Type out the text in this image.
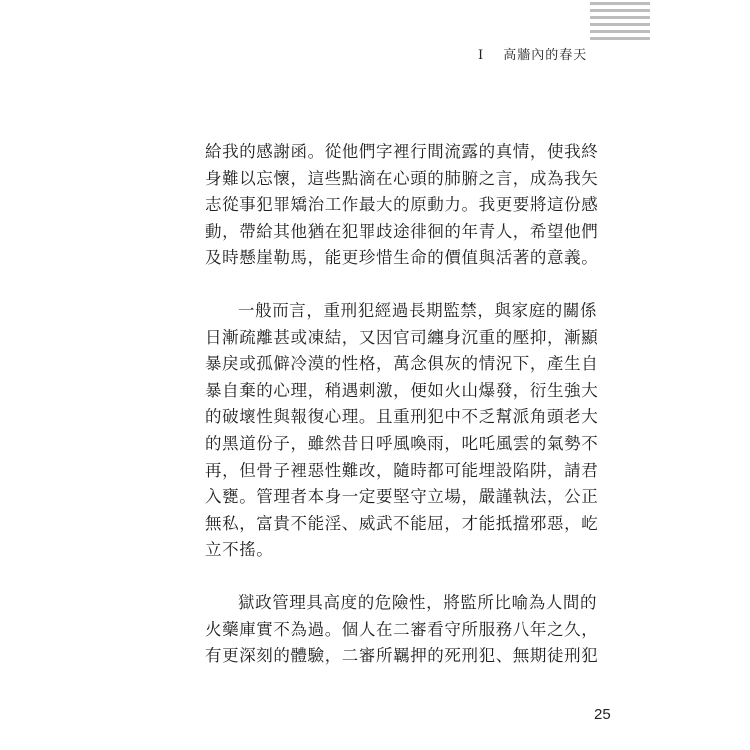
I 高牆內的春天

給我的感謝函。從他們字裡行間流露的真情，使我終

身難以忘懷，這些點滴在心頭的肺腑之言，成為我矢

志從事犯罪矯治工作最大的原動力。我更要將這份感

動，帶給其他猶在犯罪歧途徘徊的年青人，希望他們

及時懸崖勒馬，能更珍惜生命的價值與活著的意義。

一般而言，重刑犯經過長期監禁，與家庭的關係

日漸疏離甚或凍結，又因官司纏身沉重的壓抑，漸顯

暴戾或孤僻冷漠的性格，萬念俱灰的情況下，產生自

暴自棄的心理，稍遇刺激，便如火山爆發，衍生強大

的破壞性與報復心理。且重刑犯中不乏幫派角頭老大

的黑道份子，雖然昔日呼風喚雨，叱吒風雲的氣勢不

再，但骨子裡惡性難改，隨時都可能埋設陷阱，請君

入甕。管理者本身一定要堅守立場，嚴謹執法，公正

無私，富貴不能淫、威武不能屈，才能抵擋邪惡，屹

立不搖。

獄政管理具高度的危險性，將監所比喻為人間的

火藥庫實不為過。個人在二審看守所服務八年之久，

有更深刻的體驗，二審所羈押的死刑犯、無期徒刑犯

25
